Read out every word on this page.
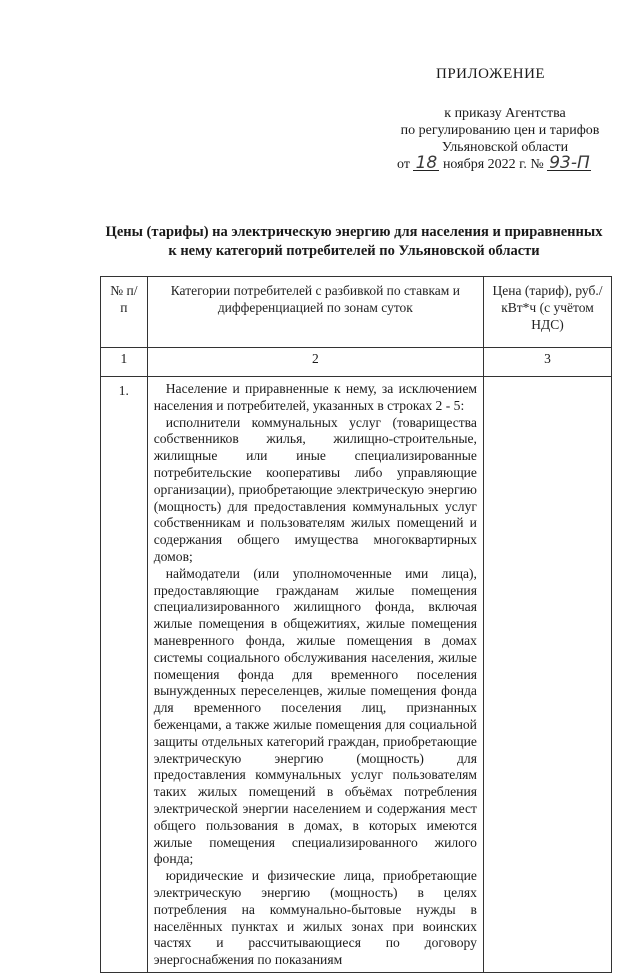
ПРИЛОЖЕНИЕ
к приказу Агентства
по регулированию цен и тарифов
Ульяновской области
от 18 ноября 2022 г. № 93-П
Цены (тарифы) на электрическую энергию для населения и приравненных
к нему категорий потребителей по Ульяновской области
№ п/п	Категории потребителей с разбивкой по ставкам и дифференциацией по зонам суток	Цена (тариф), руб./кВт*ч (с учётом НДС)
1	2	3
1.	Население и приравненные к нему, за исключением населения и потребителей, указанных в строках 2 - 5:

исполнители коммунальных услуг (товарищества собственников жилья, жилищно-строительные, жилищные или иные специализированные потребительские кооперативы либо управляющие организации), приобретающие электрическую энергию (мощность) для предоставления коммунальных услуг собственникам и пользователям жилых помещений и содержания общего имущества многоквартирных домов;

наймодатели (или уполномоченные ими лица), предоставляющие гражданам жилые помещения специализированного жилищного фонда, включая жилые помещения в общежитиях, жилые помещения маневренного фонда, жилые помещения в домах системы социального обслуживания населения, жилые помещения фонда для временного поселения вынужденных переселенцев, жилые помещения фонда для временного поселения лиц, признанных беженцами, а также жилые помещения для социальной защиты отдельных категорий граждан, приобретающие электрическую энергию (мощность) для предоставления коммунальных услуг пользователям таких жилых помещений в объёмах потребления электрической энергии населением и содержания мест общего пользования в домах, в которых имеются жилые помещения специализированного жилого фонда;

юридические и физические лица, приобретающие электрическую энергию (мощность) в целях потребления на коммунально-бытовые нужды в населённых пунктах и жилых зонах при воинских частях и рассчитывающиеся по договору энергоснабжения по показаниям	
